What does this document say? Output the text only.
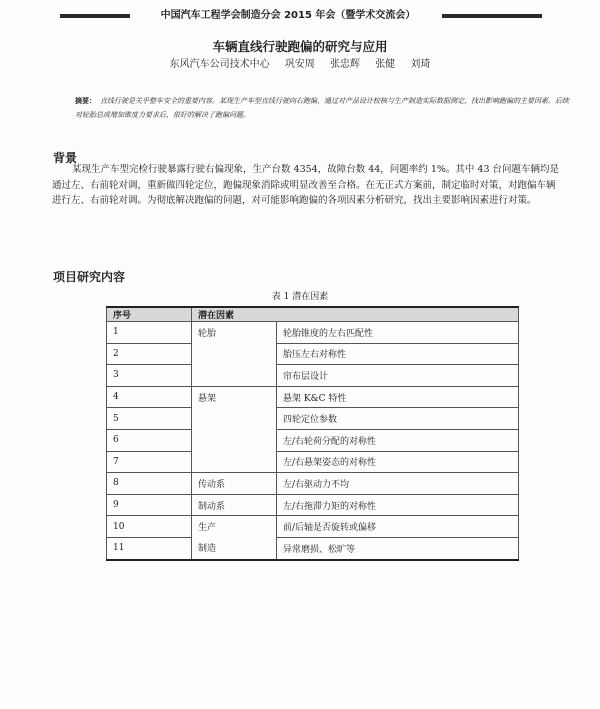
中国汽车工程学会制造分会 2015 年会（暨学术交流会）
车辆直线行驶跑偏的研究与应用
东风汽车公司技术中心 巩安周 张忠辉 张健 刘琦
摘要： 直线行驶是关乎整车安全的重要内容。某现生产车型直线行驶向右跑偏，通过对产品设计校核与生产制造实际数据测定，找出影响跑偏的主要因素。后续对轮胎总成增加锥度力要求后，很好的解决了跑偏问题。
背景

某现生产车型完检行驶暴露行驶右偏现象，生产台数 4354，故障台数 44，问题率约 1%。其中 43 台问题车辆均是通过左、右前轮对调，重新做四轮定位，跑偏现象消除或明显改善至合格。在无正式方案前，制定临时对策，对跑偏车辆进行左、右前轮对调。为彻底解决跑偏的问题，对可能影响跑偏的各项因素分析研究，找出主要影响因素进行对策。

项目研究内容
表 1 潜在因素
序号	潜在因素	
1	轮胎	轮胎锥度的左右匹配性
2		胎压左右对称性
3		帘布层设计
4	悬架	悬架 K&C 特性
5		四轮定位参数
6		左/右轮荷分配的对称性
7		左/右悬架姿态的对称性
8	传动系	左/右驱动力不均
9	制动系	左/右拖滞力矩的对称性
10	生产	前/后轴是否旋转或偏移
11	制造	异常磨损、松旷等
